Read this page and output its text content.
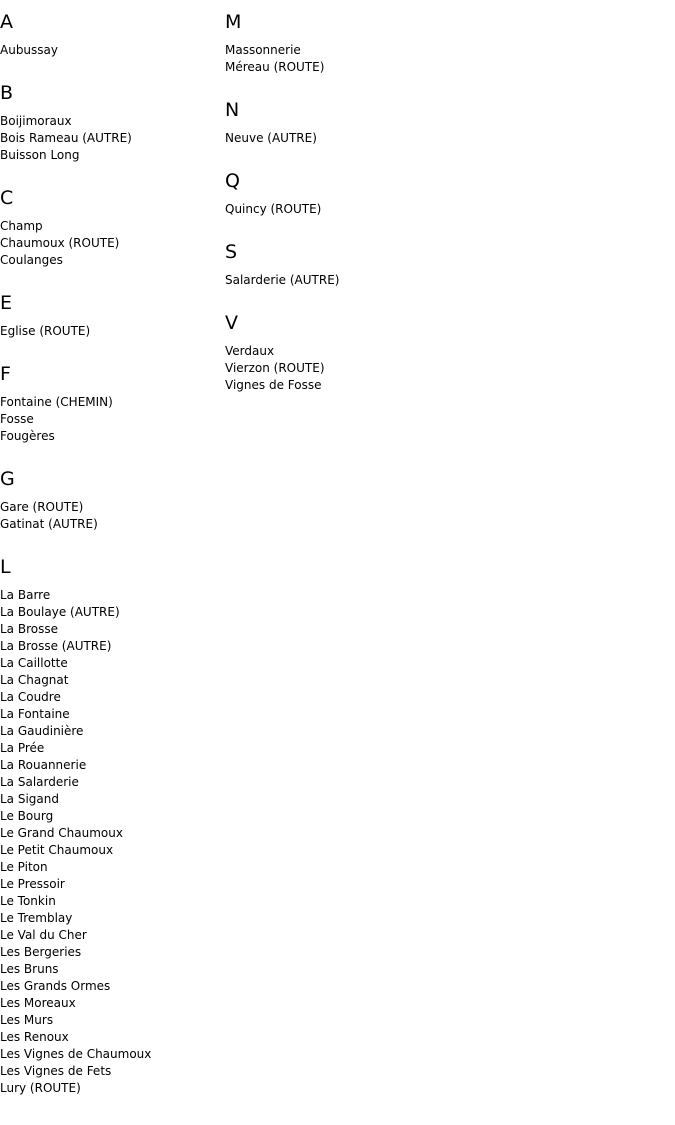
A
Aubussay
B
Boijimoraux
Bois Rameau (AUTRE)
Buisson Long
C
Champ
Chaumoux (ROUTE)
Coulanges
E
Eglise (ROUTE)
F
Fontaine (CHEMIN)
Fosse
Fougères
G
Gare (ROUTE)
Gatinat (AUTRE)
L
La Barre
La Boulaye (AUTRE)
La Brosse
La Brosse (AUTRE)
La Caillotte
La Chagnat
La Coudre
La Fontaine
La Gaudinière
La Prée
La Rouannerie
La Salarderie
La Sigand
Le Bourg
Le Grand Chaumoux
Le Petit Chaumoux
Le Piton
Le Pressoir
Le Tonkin
Le Tremblay
Le Val du Cher
Les Bergeries
Les Bruns
Les Grands Ormes
Les Moreaux
Les Murs
Les Renoux
Les Vignes de Chaumoux
Les Vignes de Fets
Lury (ROUTE)
M
Massonnerie
Méreau (ROUTE)
N
Neuve (AUTRE)
Q
Quincy (ROUTE)
S
Salarderie (AUTRE)
V
Verdaux
Vierzon (ROUTE)
Vignes de Fosse
